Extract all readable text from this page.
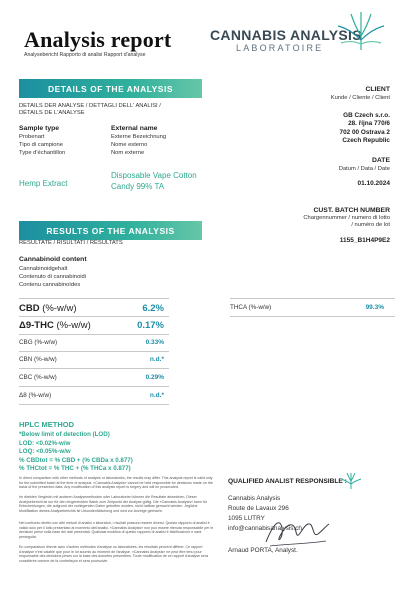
Analysis report
Analysebericht Rapporto di analisi Rapport d'analyse
CANNABIS ANALYSIS
LABORATOIRE
DETAILS OF THE ANALYSIS
DETAILS DER ANALYSE / DETTAGLI DELL' ANALISI /
DÉTAILS DE L'ANALYSE
Sample type
Probenart
Tipo di campione
Type d'échantillon
External name
Externe Bezeichnung
Nome esterno
Nom externe
Hemp Extract
Disposable Vape Cotton
Candy 99% TA
CLIENT
Kunde / Cliente / Client
GB Czech s.r.o.
28. října 770/6
702 00 Ostrava 2
Czech Republic
DATE
Datum / Data / Date
01.10.2024
CUST. BATCH NUMBER
Chargennummer / numero di lotto
/ numéro de lot
1155_B1H4P9E2
RESULTS OF THE ANALYSIS
RESULTATE / RISULTATI / RÉSULTATS
Cannabinoid content
Cannabinoidgehalt
Contenuto di cannabinoidi
Contenu cannabinoïdes
CBD (%-w/w)	6.2%
Δ9-THC (%-w/w)	0.17%
CBG (%-w/w)	0.33%
CBN (%-w/w)	n.d.*
CBC (%-w/w)	0.29%
Δ8 (%-w/w)	n.d.*
THCA (%-w/w)	99.3%
HPLC METHOD
*Below limit of detection (LOD)
LOD: <0.02%-w/w
LOQ: <0.05%-w/w
% CBDtot = % CBD + (% CBDa x 0.877)
% THCtot = % THC + (% THCa x 0.877)
In direct comparison with other methods of analysis or laboratories, the results may differ. This analysis report is valid only for the submitted batch at the time of analysis. «Cannabis Analysis» cannot be held responsible for decisions made on the basis of the presented data. Any modification of this analysis report is forgery and will be prosecuted.
Im direkten Vergleich mit anderen Analysemethoden oder Laboratorien können die Resultate abweichen. Dieser Analysebericht ist nur für den eingereichten Batch zum Zeitpunkt der Analyse gültig. Die «Cannabis Analysis» kann für Entscheidungen, die aufgrund der vorliegenden Daten getroffen wurden, nicht haftbar gemacht werden. Jegliche Modifikation dieses Analyseberichts ist Urkundenfälschung und wird zur Anzeige gebracht.
Nel confronto diretto con altri metodi di analisi o laboratori, i risultati possono essere diversi. Questo rapporto di analisi è valido solo per il lotto presentato al momento dell'analisi. «Cannabis Analysis» non può essere ritenuta responsabile per le decisioni prese sulla base dei dati presentati. Qualsiasi modifica di questo rapporto di analisi è falsificazione e sarà perseguita.
En comparaison directe avec d'autres méthodes d'analyse ou laboratoires, les résultats peuvent différer. Ce rapport d'analyse n'est valable que pour le lot soumis au moment de l'analyse. «Cannabis Analysis» ne peut être tenu pour responsable des décisions prises sur la base des données présentées. Toute modification de ce rapport d'analyse sera considérée comme de la contrefaçon et sera poursuivie.
QUALIFIED ANALIST RESPONSIBLE :
Cannabis Analysis
Route de Lavaux 296
1095 LUTRY
info@cannabisanalysis.ch
Arnaud PORTA, Analyst.
